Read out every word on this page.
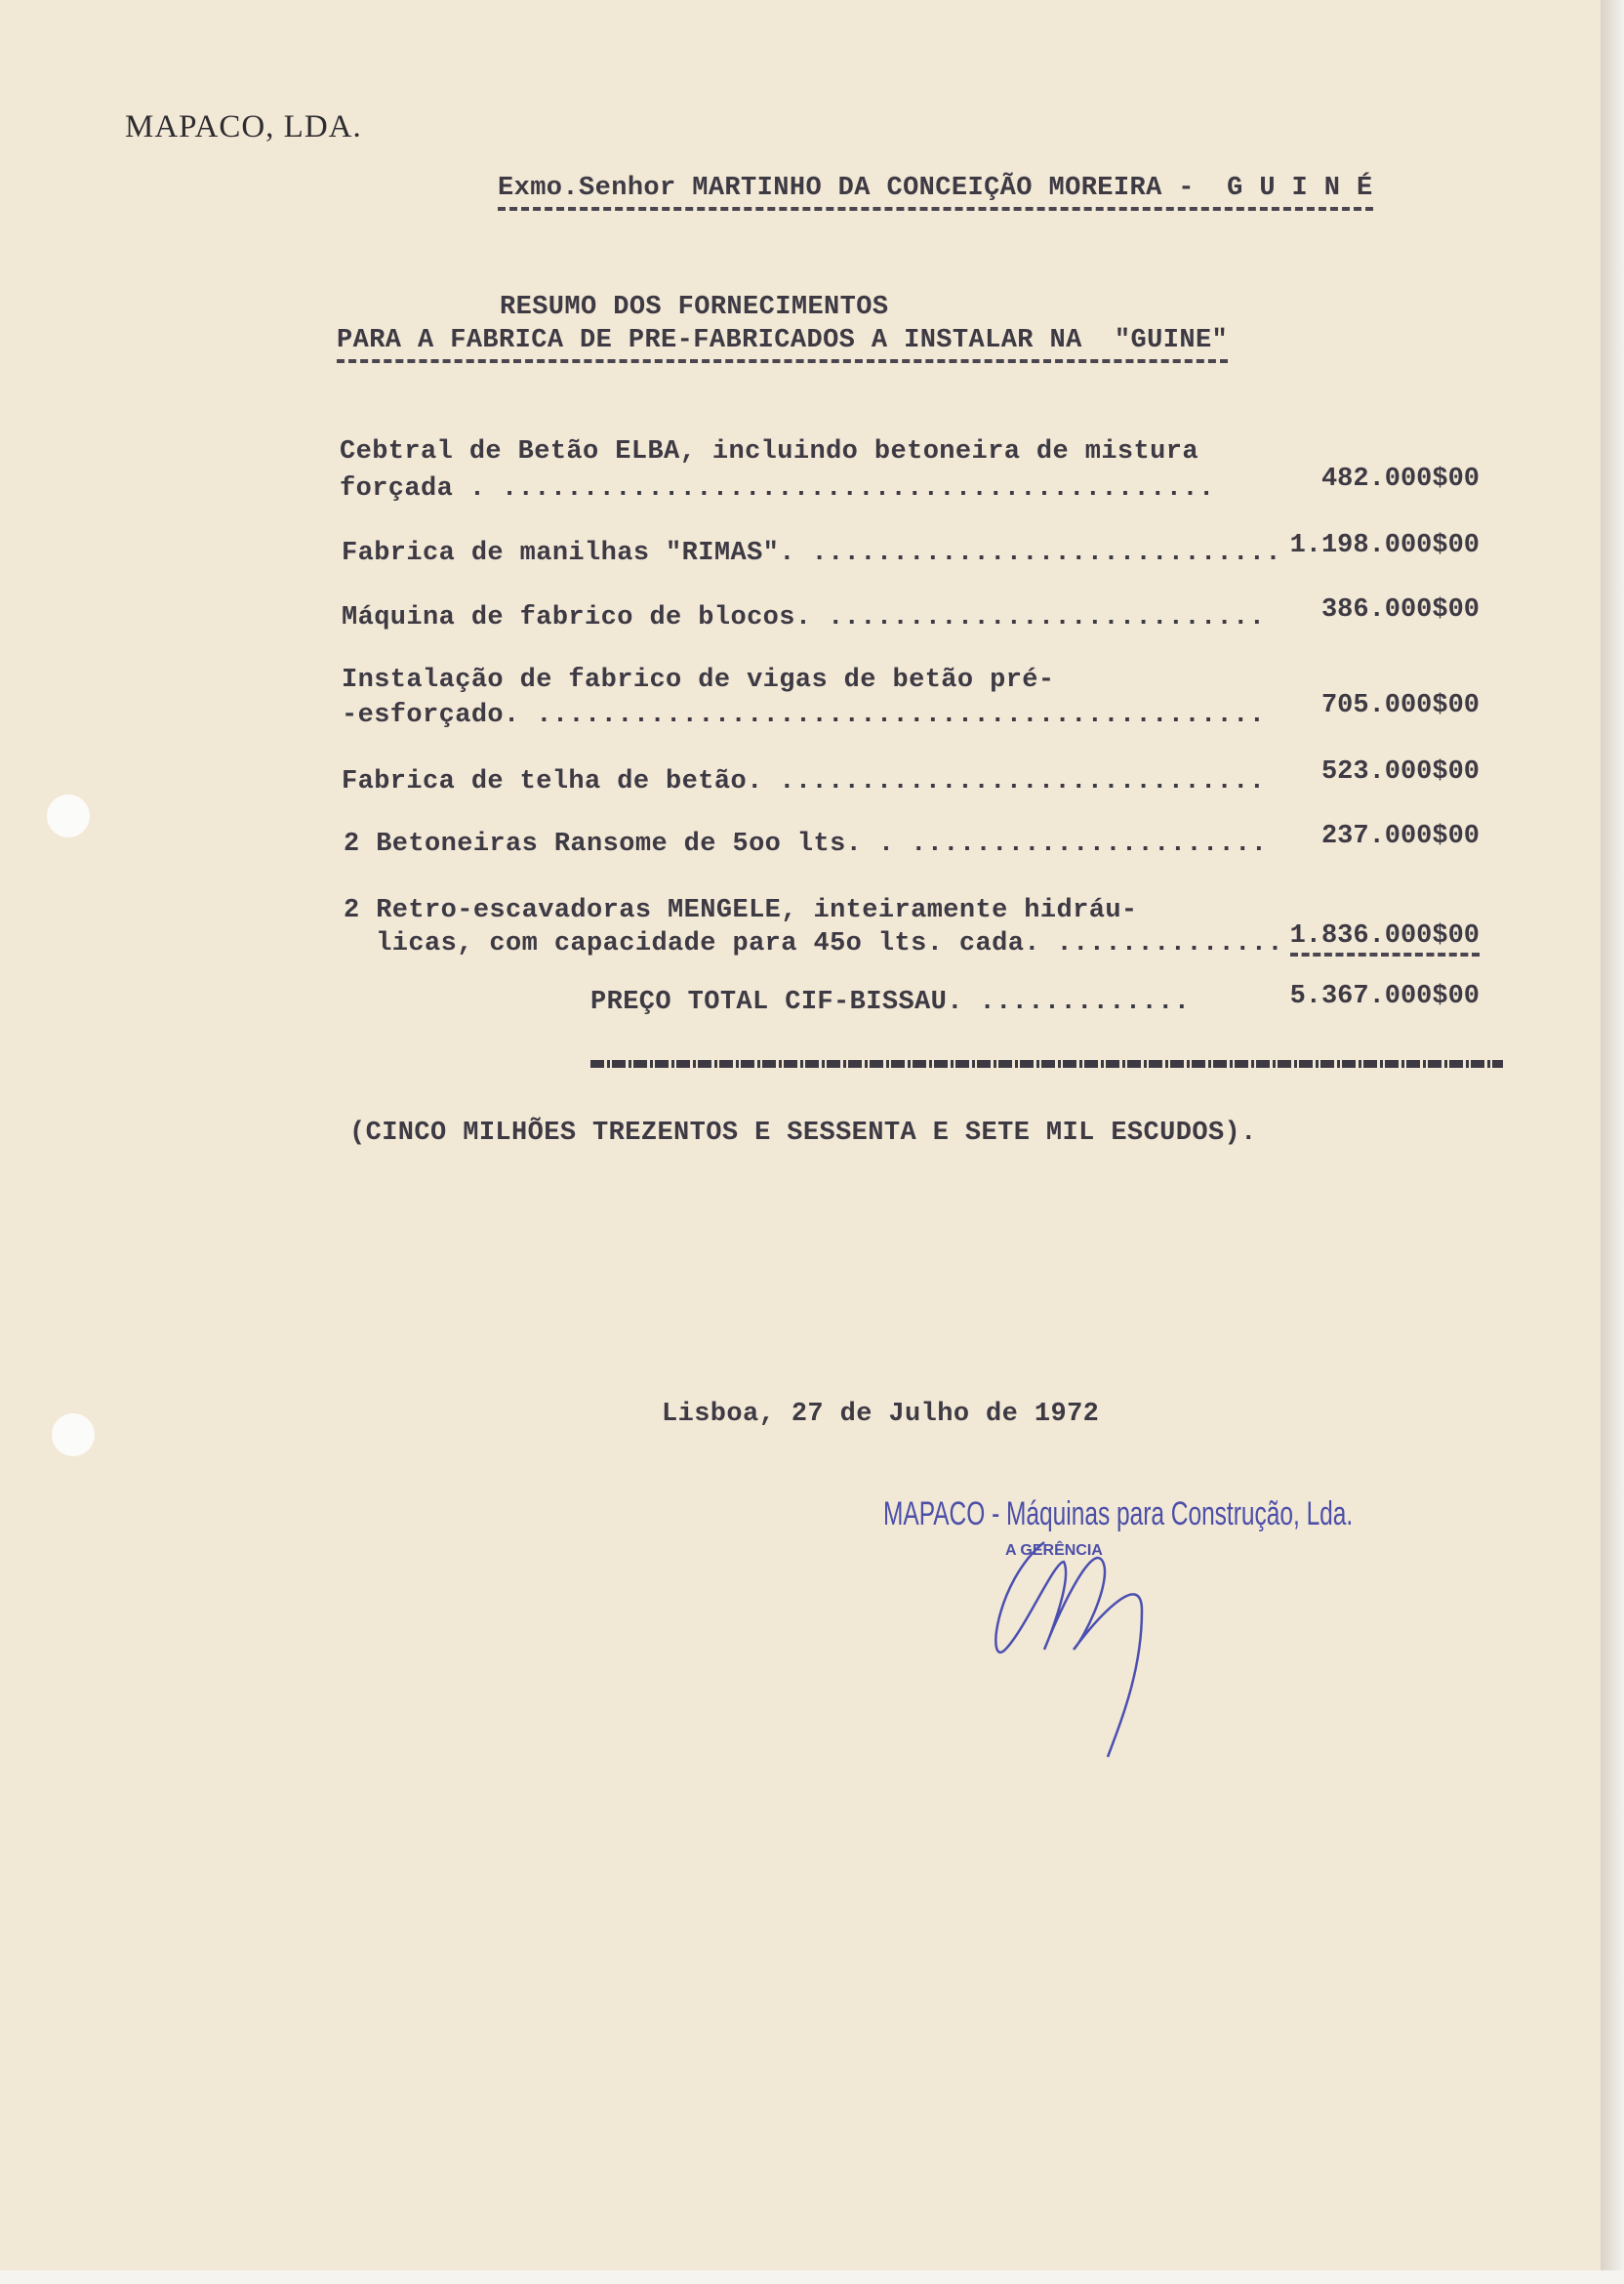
MAPACO, LDA.
Exmo.Senhor MARTINHO DA CONCEIÇÃO MOREIRA -  G U I N É
RESUMO DOS FORNECIMENTOS
PARA A FABRICA DE PRE-FABRICADOS A INSTALAR NA  "GUINE"
Cebtral de Betão ELBA, incluindo betoneira de mistura
forçada . ............................................	482.000$00
Fabrica de manilhas "RIMAS". ............................. 1.198.000$00
Máquina de fabrico de blocos. ........................... 386.000$00
Instalação de fabrico de vigas de betão pré-
-esforçado. ............................................. 705.000$00
Fabrica de telha de betão. .............................. 523.000$00
2 Betoneiras Ransome de 5oo lts. . ...................... 237.000$00
2 Retro-escavadoras MENGELE, inteiramente hidráu-
licas, com capacidade para 45o lts. cada. .............. 1.836.000$00
PREÇO TOTAL CIF-BISSAU. .............	5.367.000$00
(CINCO MILHÕES TREZENTOS E SESSENTA E SETE MIL ESCUDOS).
Lisboa, 27 de Julho de 1972
MAPACO - Máquinas para Construção, Lda.
A GERÊNCIA
